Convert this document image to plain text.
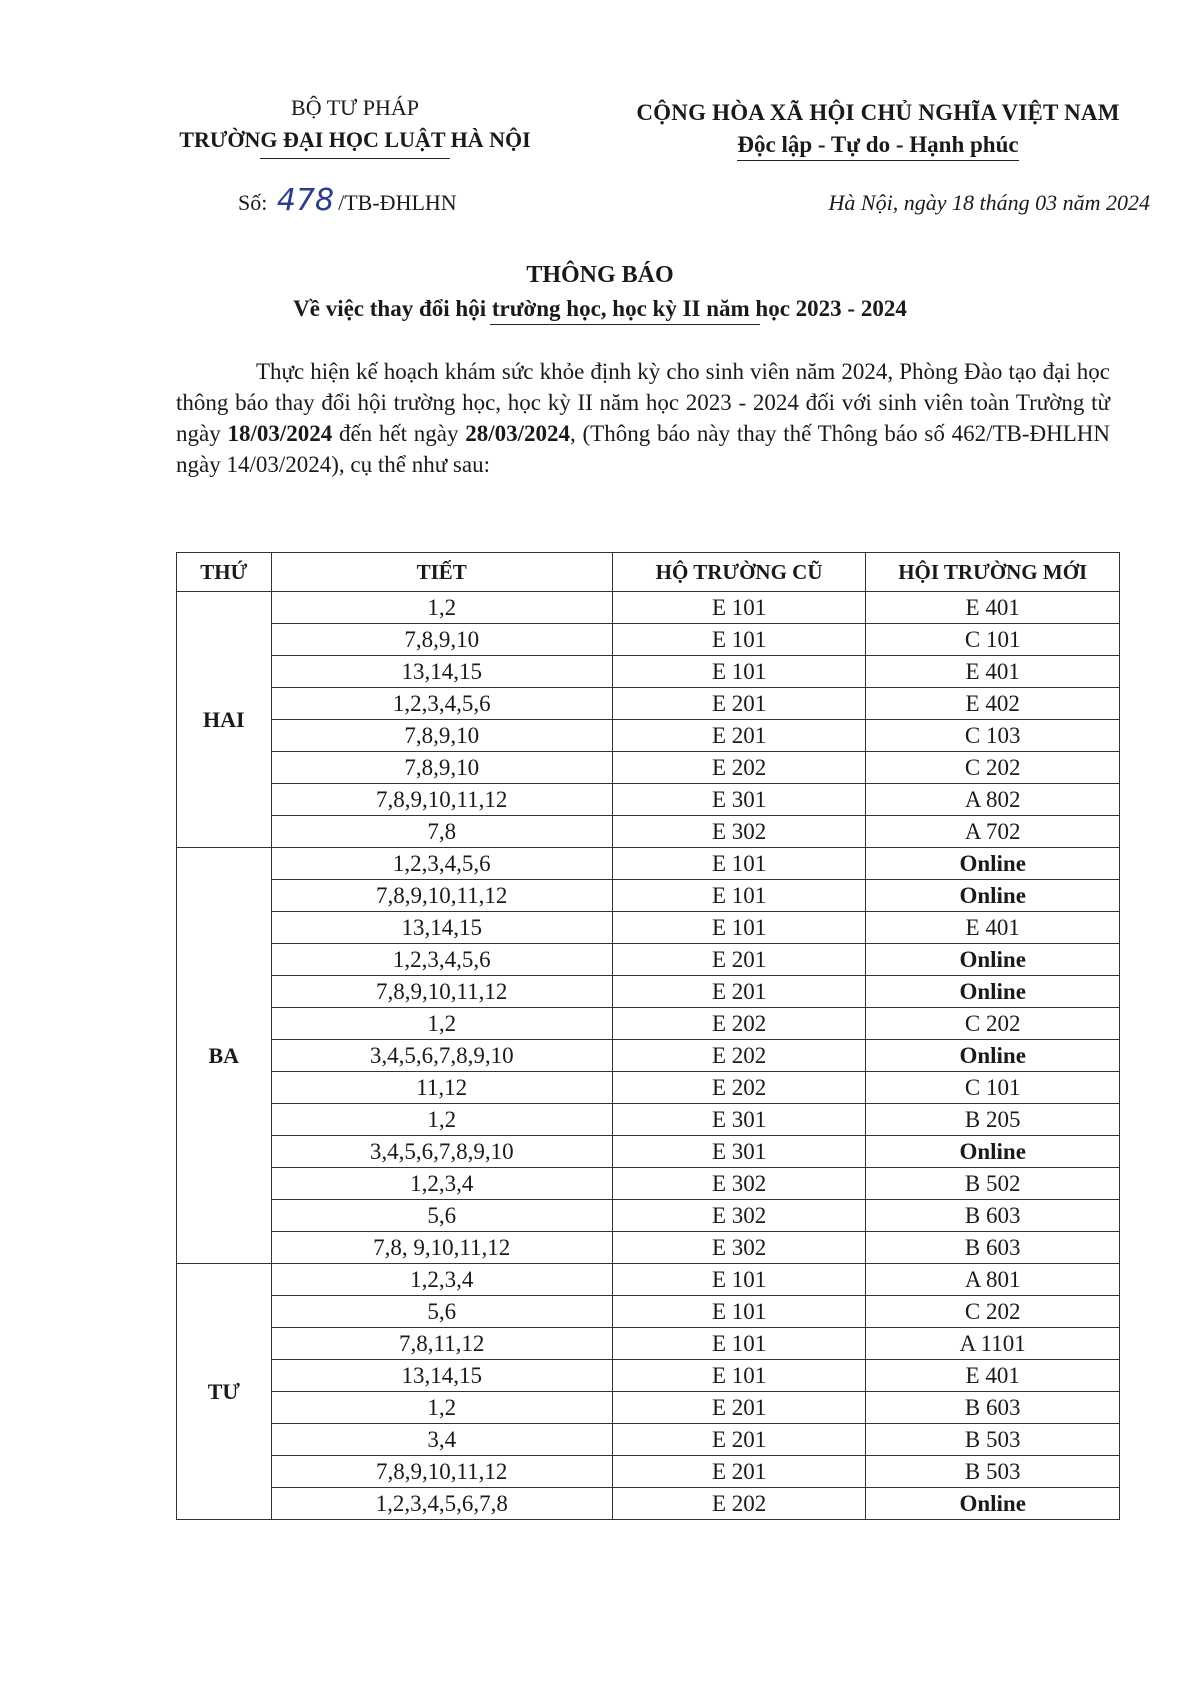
BỘ TƯ PHÁP
TRƯỜNG ĐẠI HỌC LUẬT HÀ NỘI
CỘNG HÒA XÃ HỘI CHỦ NGHĨA VIỆT NAM
Độc lập - Tự do - Hạnh phúc
Số: 478 /TB-ĐHLHN	Hà Nội, ngày 18 tháng 03 năm 2024
THÔNG BÁO
Về việc thay đổi hội trường học, học kỳ II năm học 2023 - 2024

Thực hiện kế hoạch khám sức khỏe định kỳ cho sinh viên năm 2024, Phòng Đào tạo đại học thông báo thay đổi hội trường học, học kỳ II năm học 2023 - 2024 đối với sinh viên toàn Trường từ ngày 18/03/2024 đến hết ngày 28/03/2024, (Thông báo này thay thế Thông báo số 462/TB-ĐHLHN ngày 14/03/2024), cụ thể như sau:

THỨ	TIẾT	HỘ TRƯỜNG CŨ	HỘI TRƯỜNG MỚI
HAI	1,2	E 101	E 401
	7,8,9,10	E 101	C 101
	13,14,15	E 101	E 401
	1,2,3,4,5,6	E 201	E 402
	7,8,9,10	E 201	C 103
	7,8,9,10	E 202	C 202
	7,8,9,10,11,12	E 301	A 802
	7,8	E 302	A 702
BA	1,2,3,4,5,6	E 101	Online
	7,8,9,10,11,12	E 101	Online
	13,14,15	E 101	E 401
	1,2,3,4,5,6	E 201	Online
	7,8,9,10,11,12	E 201	Online
	1,2	E 202	C 202
	3,4,5,6,7,8,9,10	E 202	Online
	11,12	E 202	C 101
	1,2	E 301	B 205
	3,4,5,6,7,8,9,10	E 301	Online
	1,2,3,4	E 302	B 502
	5,6	E 302	B 603
	7,8, 9,10,11,12	E 302	B 603
TƯ	1,2,3,4	E 101	A 801
	5,6	E 101	C 202
	7,8,11,12	E 101	A 1101
	13,14,15	E 101	E 401
	1,2	E 201	B 603
	3,4	E 201	B 503
	7,8,9,10,11,12	E 201	B 503
	1,2,3,4,5,6,7,8	E 202	Online
